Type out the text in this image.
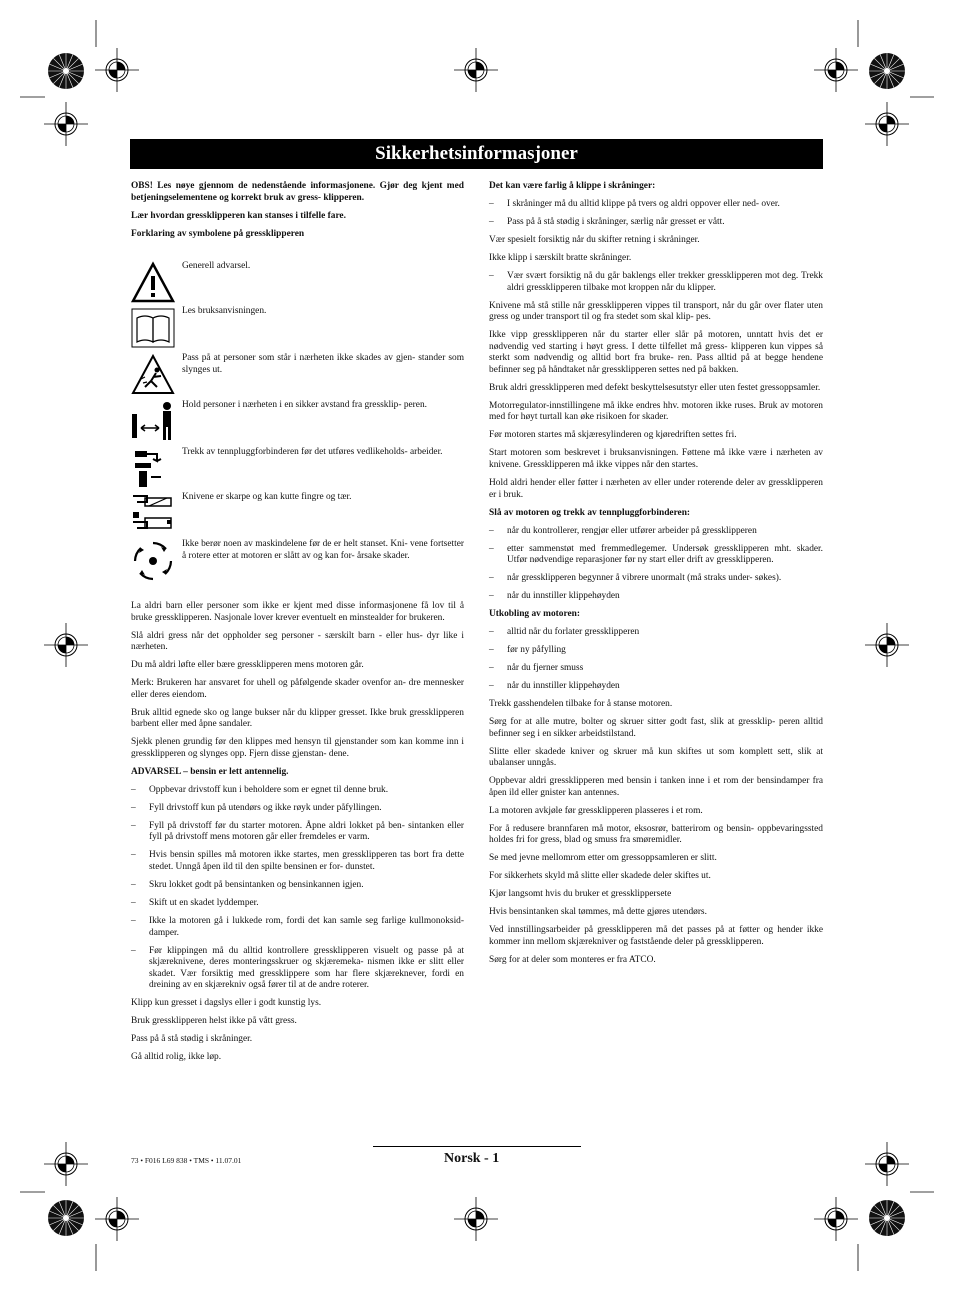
Sikkerhetsinformasjoner

OBS! Les nøye gjennom de nedenstående informasjonene. Gjør deg kjent med betjeningselementene og korrekt bruk av gress- klipperen.

Lær hvordan gressklipperen kan stanses i tilfelle fare.

Forklaring av symbolene på gressklipperen

Generell advarsel.
Les bruksanvisningen.
Pass på at personer som står i nærheten ikke skades av gjen- stander som slynges ut.
Hold personer i nærheten i en sikker avstand fra gressklip- peren.
Trekk av tennpluggforbinderen før det utføres vedlikeholds- arbeider.
Knivene er skarpe og kan kutte fingre og tær.
Ikke berør noen av maskindelene før de er helt stanset. Kni- vene fortsetter å rotere etter at motoren er slått av og kan for- årsake skader.

La aldri barn eller personer som ikke er kjent med disse informasjonene få lov til å bruke gressklipperen. Nasjonale lover krever eventuelt en minstealder for brukeren.

Slå aldri gress når det oppholder seg personer - særskilt barn - eller hus- dyr like i nærheten.

Du må aldri løfte eller bære gressklipperen mens motoren går.

Merk: Brukeren har ansvaret for uhell og påfølgende skader ovenfor an- dre mennesker eller deres eiendom.

Bruk alltid egnede sko og lange bukser når du klipper gresset. Ikke bruk gressklipperen barbent eller med åpne sandaler.

Sjekk plenen grundig før den klippes med hensyn til gjenstander som kan komme inn i gressklipperen og slynges opp. Fjern disse gjenstan- dene.

ADVARSEL – bensin er lett antennelig.

–	Oppbevar drivstoff kun i beholdere som er egnet til denne bruk.
–	Fyll drivstoff kun på utendørs og ikke røyk under påfyllingen.
–	Fyll på drivstoff før du starter motoren. Åpne aldri lokket på ben- sintanken eller fyll på drivstoff mens motoren går eller fremdeles er varm.
–	Hvis bensin spilles må motoren ikke startes, men gressklipperen tas bort fra dette stedet. Unngå åpen ild til den spilte bensinen er for- dunstet.
–	Skru lokket godt på bensintanken og bensinkannen igjen.
–	Skift ut en skadet lyddemper.
–	Ikke la motoren gå i lukkede rom, fordi det kan samle seg farlige kullmonoksid-damper.
–	Før klippingen må du alltid kontrollere gressklipperen visuelt og passe på at skjæreknivene, deres monteringsskruer og skjæremeka- nismen ikke er slitt eller skadet. Vær forsiktig med gressklippere som har flere skjæreknever, fordi en dreining av en skjærekniv også fører til at de andre roterer.

Klipp kun gresset i dagslys eller i godt kunstig lys.

Bruk gressklipperen helst ikke på vått gress.

Pass på å stå stødig i skråninger.

Gå alltid rolig, ikke løp.

Det kan være farlig å klippe i skråninger:

–	I skråninger må du alltid klippe på tvers og aldri oppover eller ned- over.
–	Pass på å stå stødig i skråninger, særlig når gresset er vått.

Vær spesielt forsiktig når du skifter retning i skråninger.

Ikke klipp i særskilt bratte skråninger.

–	Vær svært forsiktig nå du går baklengs eller trekker gressklipperen mot deg. Trekk aldri gressklipperen tilbake mot kroppen når du klipper.

Knivene må stå stille når gressklipperen vippes til transport, når du går over flater uten gress og under transport til og fra stedet som skal klip- pes.

Ikke vipp gressklipperen når du starter eller slår på motoren, unntatt hvis det er nødvendig ved starting i høyt gress. I dette tilfellet må gress- klipperen kun vippes så sterkt som nødvendig og alltid bort fra bruke- ren. Pass alltid på at begge hendene befinner seg på håndtaket når gressklipperen settes ned på bakken.

Bruk aldri gressklipperen med defekt beskyttelsesutstyr eller uten festet gressoppsamler.

Motorregulator-innstillingene må ikke endres hhv. motoren ikke ruses. Bruk av motoren med for høyt turtall kan øke risikoen for skader.

Før motoren startes må skjæresylinderen og kjøredriften settes fri.

Start motoren som beskrevet i bruksanvisningen. Føttene må ikke være i nærheten av knivene. Gressklipperen må ikke vippes når den startes.

Hold aldri hender eller føtter i nærheten av eller under roterende deler av gressklipperen er i bruk.

Slå av motoren og trekk av tennpluggforbinderen:

–	når du kontrollerer, rengjør eller utfører arbeider på gressklipperen
–	etter sammenstøt med fremmedlegemer. Undersøk gressklipperen mht. skader. Utfør nødvendige reparasjoner før ny start eller drift av gressklipperen.
–	når gressklipperen begynner å vibrere unormalt (må straks under- søkes).
–	når du innstiller klippehøyden

Utkobling av motoren:

–	alltid når du forlater gressklipperen
–	før ny påfylling
–	når du fjerner smuss
–	når du innstiller klippehøyden

Trekk gasshendelen tilbake for å stanse motoren.

Sørg for at alle mutre, bolter og skruer sitter godt fast, slik at gressklip- peren alltid befinner seg i en sikker arbeidstilstand.

Slitte eller skadede kniver og skruer må kun skiftes ut som komplett sett, slik at ubalanser unngås.

Oppbevar aldri gressklipperen med bensin i tanken inne i et rom der bensindamper fra åpen ild eller gnister kan antennes.

La motoren avkjøle før gressklipperen plasseres i et rom.

For å redusere brannfaren må motor, eksosrør, batterirom og bensin- oppbevaringssted holdes fri for gress, blad og smuss fra smøremidler.

Se med jevne mellomrom etter om gressoppsamleren er slitt.

For sikkerhets skyld må slitte eller skadede deler skiftes ut.

Kjør langsomt hvis du bruker et gressklippersete

Hvis bensintanken skal tømmes, må dette gjøres utendørs.

Ved innstillingsarbeider på gressklipperen må det passes på at føtter og hender ikke kommer inn mellom skjærekniver og faststående deler på gressklipperen.

Sørg for at deler som monteres er fra ATCO.

73 • F016 L69 838 • TMS • 11.07.01	Norsk - 1
